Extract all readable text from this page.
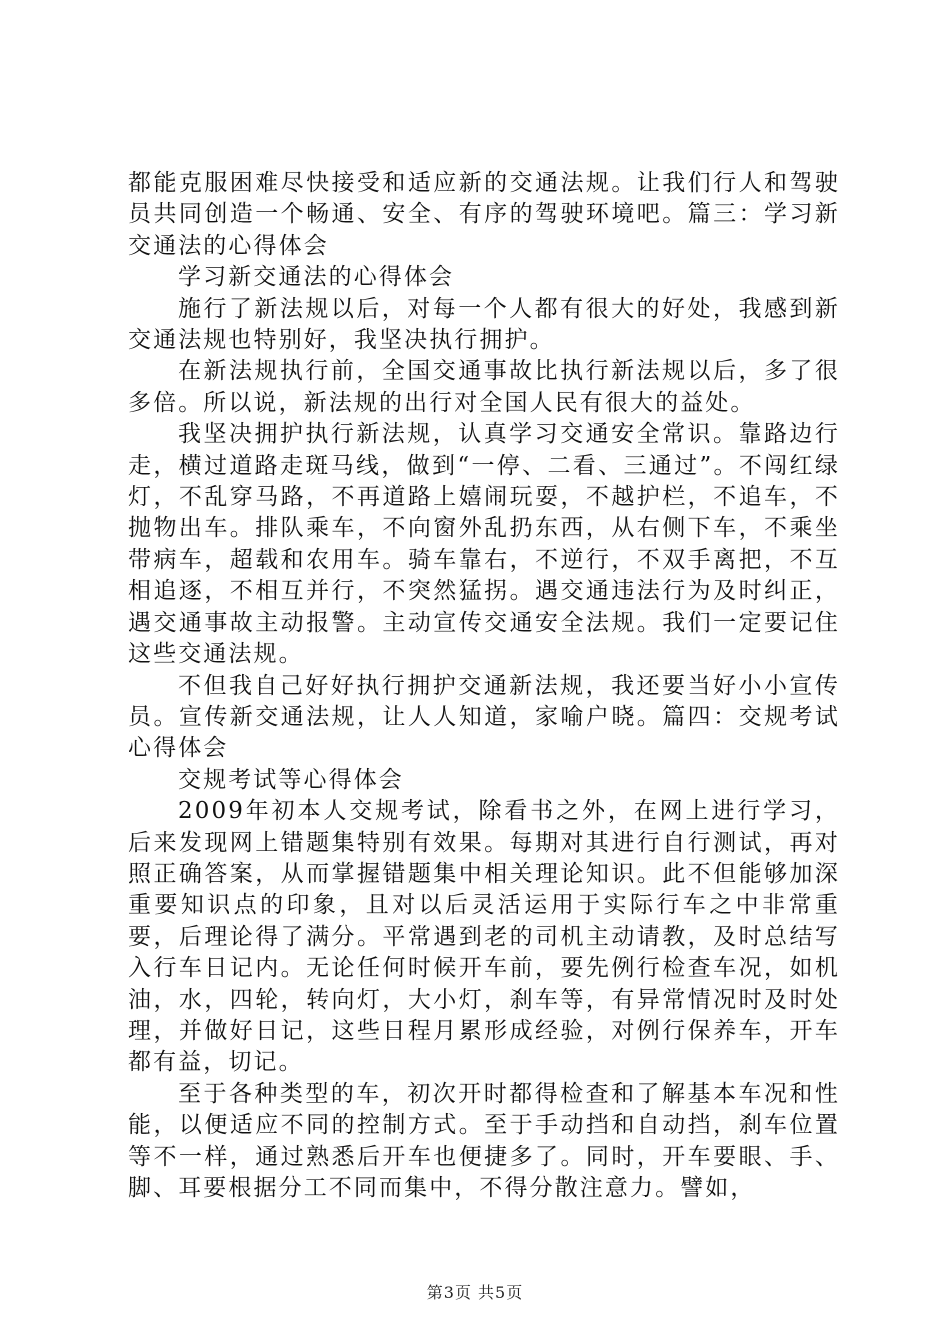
都能克服困难尽快接受和适应新的交通法规。让我们行人和驾驶员共同创造一个畅通、安全、有序的驾驶环境吧。篇三：学习新交通法的心得体会

学习新交通法的心得体会

施行了新法规以后，对每一个人都有很大的好处，我感到新交通法规也特别好，我坚决执行拥护。

在新法规执行前，全国交通事故比执行新法规以后，多了很多倍。所以说，新法规的出行对全国人民有很大的益处。

我坚决拥护执行新法规，认真学习交通安全常识。靠路边行走，横过道路走斑马线，做到“一停、二看、三通过”。不闯红绿灯，不乱穿马路，不再道路上嬉闹玩耍，不越护栏，不追车，不抛物出车。排队乘车，不向窗外乱扔东西，从右侧下车，不乘坐带病车，超载和农用车。骑车靠右，不逆行，不双手离把，不互相追逐，不相互并行，不突然猛拐。遇交通违法行为及时纠正，遇交通事故主动报警。主动宣传交通安全法规。我们一定要记住这些交通法规。

不但我自己好好执行拥护交通新法规，我还要当好小小宣传员。宣传新交通法规，让人人知道，家喻户晓。篇四：交规考试心得体会

交规考试等心得体会

2009年初本人交规考试，除看书之外，在网上进行学习，后来发现网上错题集特别有效果。每期对其进行自行测试，再对照正确答案，从而掌握错题集中相关理论知识。此不但能够加深重要知识点的印象，且对以后灵活运用于实际行车之中非常重要，后理论得了满分。平常遇到老的司机主动请教，及时总结写入行车日记内。无论任何时候开车前，要先例行检查车况，如机油，水，四轮，转向灯，大小灯，刹车等，有异常情况时及时处理，并做好日记，这些日程月累形成经验，对例行保养车，开车都有益，切记。

至于各种类型的车，初次开时都得检查和了解基本车况和性能，以便适应不同的控制方式。至于手动挡和自动挡，刹车位置等不一样，通过熟悉后开车也便捷多了。同时，开车要眼、手、脚、耳要根据分工不同而集中，不得分散注意力。譬如，

第3页 共5页
